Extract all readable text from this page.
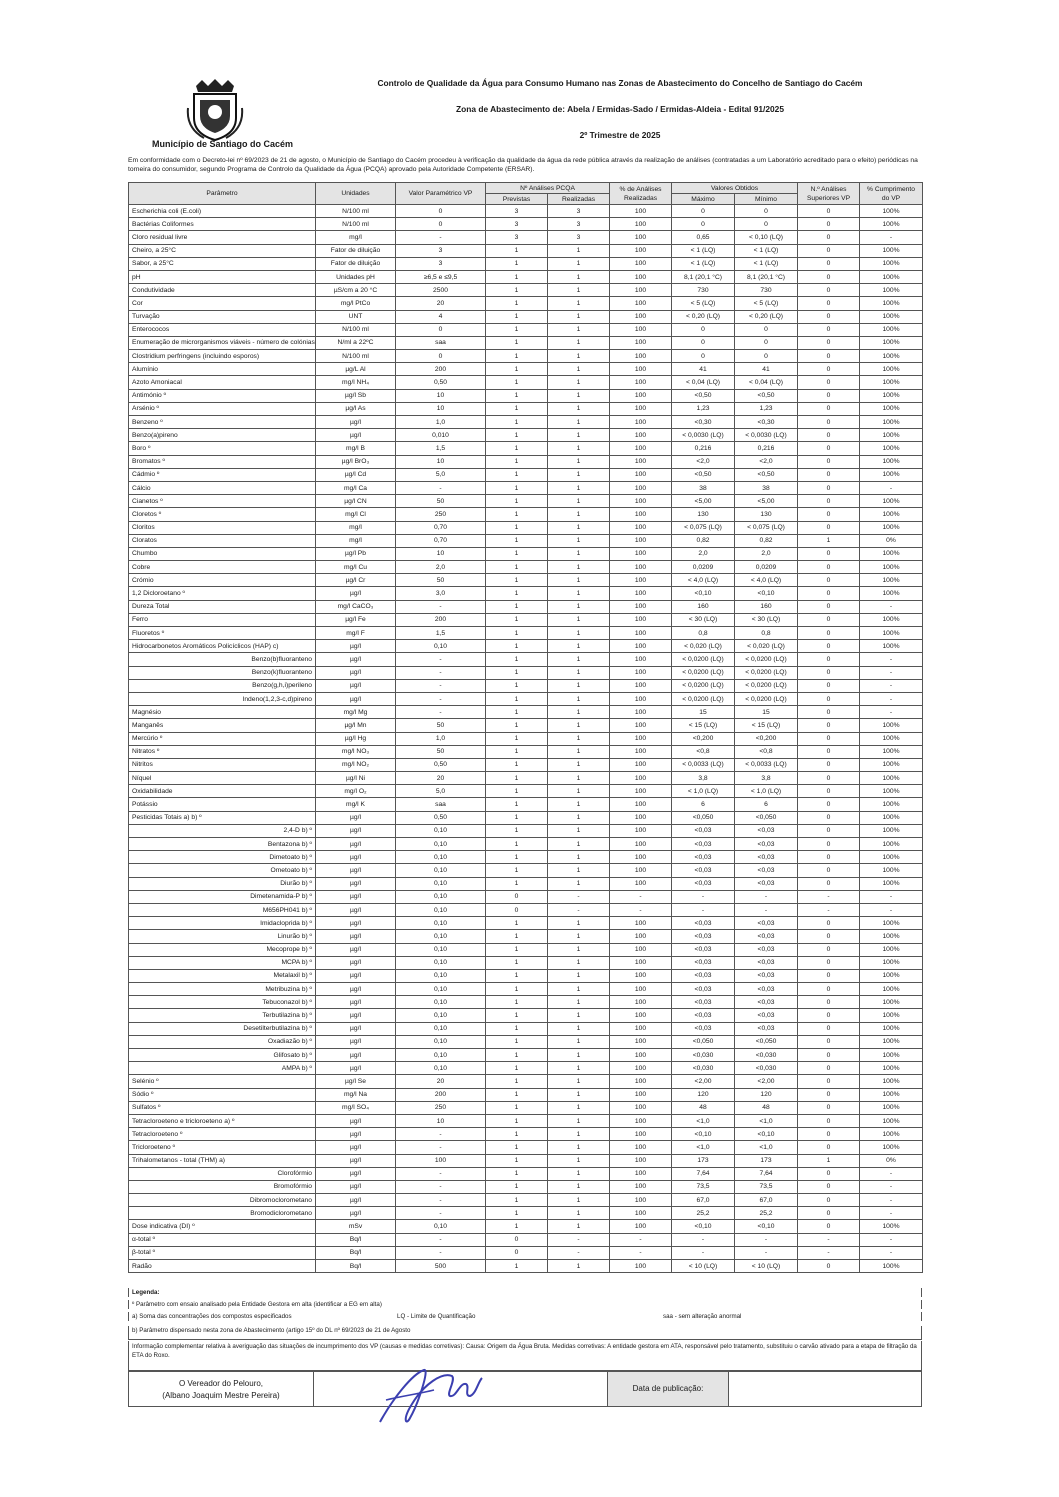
Município de Santiago do Cacém
Controlo de Qualidade da Água para Consumo Humano nas Zonas de Abastecimento do Concelho de Santiago do Cacém
Zona de Abastecimento de: Abela / Ermidas-Sado / Ermidas-Aldeia - Edital 91/2025
2º Trimestre de 2025
Em conformidade com o Decreto-lei nº 69/2023 de 21 de agosto, o Município de Santiago do Cacém procedeu à verificação da qualidade da água da rede pública através da realização de análises (contratadas a um Laboratório acreditado para o efeito) periódicas na torneira do consumidor, segundo Programa de Controlo da Qualidade da Água (PCQA) aprovado pela Autoridade Competente (ERSAR).
Parâmetro	Unidades	Valor Paramétrico VP	Nº Análises PCQA		% de Análises Realizadas	Valores Obtidos		N.º Análises Superiores VP	% Cumprimento do VP
			Previstas	Realizadas		Máximo	Mínimo		
Escherichia coli (E.coli)	N/100 ml	0	3	3	100	0	0	0	100%
Bactérias Coliformes	N/100 ml	0	3	3	100	0	0	0	100%
Cloro residual livre	mg/l	-	3	3	100	0,65	< 0,10 (LQ)	0	-
Cheiro, a 25°C	Fator de diluição	3	1	1	100	< 1 (LQ)	< 1 (LQ)	0	100%
Sabor, a 25°C	Fator de diluição	3	1	1	100	< 1 (LQ)	< 1 (LQ)	0	100%
pH	Unidades pH	≥6,5 e ≤9,5	1	1	100	8,1 (20,1 °C)	8,1 (20,1 °C)	0	100%
Condutividade	µS/cm a 20 °C	2500	1	1	100	730	730	0	100%
Cor	mg/l PtCo	20	1	1	100	< 5 (LQ)	< 5 (LQ)	0	100%
Turvação	UNT	4	1	1	100	< 0,20 (LQ)	< 0,20 (LQ)	0	100%
Enterococos	N/100 ml	0	1	1	100	0	0	0	100%
Enumeração de microrganismos viáveis - número de colónias	N/ml a 22ºC	saa	1	1	100	0	0	0	100%
Clostridium perfringens (incluindo esporos)	N/100 ml	0	1	1	100	0	0	0	100%
Alumínio	µg/L Al	200	1	1	100	41	41	0	100%
Azoto Amoniacal	mg/l NH₄	0,50	1	1	100	< 0,04 (LQ)	< 0,04 (LQ)	0	100%
Antimónio º	µg/l Sb	10	1	1	100	<0,50	<0,50	0	100%
Arsénio º	µg/l As	10	1	1	100	1,23	1,23	0	100%
Benzeno º	µg/l	1,0	1	1	100	<0,30	<0,30	0	100%
Benzo(a)pireno	µg/l	0,010	1	1	100	< 0,0030 (LQ)	< 0,0030 (LQ)	0	100%
Boro º	mg/l B	1,5	1	1	100	0,216	0,216	0	100%
Bromatos º	µg/l BrO₃	10	1	1	100	<2,0	<2,0	0	100%
Cádmio º	µg/l Cd	5,0	1	1	100	<0,50	<0,50	0	100%
Cálcio	mg/l Ca	-	1	1	100	38	38	0	-
Cianetos º	µg/l CN	50	1	1	100	<5,00	<5,00	0	100%
Cloretos º	mg/l Cl	250	1	1	100	130	130	0	100%
Cloritos	mg/l	0,70	1	1	100	< 0,075 (LQ)	< 0,075 (LQ)	0	100%
Cloratos	mg/l	0,70	1	1	100	0,82	0,82	1	0%
Chumbo	µg/l Pb	10	1	1	100	2,0	2,0	0	100%
Cobre	mg/l Cu	2,0	1	1	100	0,0209	0,0209	0	100%
Crómio	µg/l Cr	50	1	1	100	< 4,0 (LQ)	< 4,0 (LQ)	0	100%
1,2 Dicloroetano º	µg/l	3,0	1	1	100	<0,10	<0,10	0	100%
Dureza Total	mg/l CaCO₃	-	1	1	100	160	160	0	-
Ferro	µg/l Fe	200	1	1	100	< 30 (LQ)	< 30 (LQ)	0	100%
Fluoretos º	mg/l F	1,5	1	1	100	0,8	0,8	0	100%
Hidrocarbonetos Aromáticos Policíclicos (HAP) c)	µg/l	0,10	1	1	100	< 0,020 (LQ)	< 0,020 (LQ)	0	100%
Benzo(b)fluoranteno	µg/l	-	1	1	100	< 0,0200 (LQ)	< 0,0200 (LQ)	0	-
Benzo(k)fluoranteno	µg/l	-	1	1	100	< 0,0200 (LQ)	< 0,0200 (LQ)	0	-
Benzo(g,h,i)perileno	µg/l	-	1	1	100	< 0,0200 (LQ)	< 0,0200 (LQ)	0	-
Indeno(1,2,3-c,d)pireno	µg/l	-	1	1	100	< 0,0200 (LQ)	< 0,0200 (LQ)	0	-
Magnésio	mg/l Mg	-	1	1	100	15	15	0	-
Manganês	µg/l Mn	50	1	1	100	< 15 (LQ)	< 15 (LQ)	0	100%
Mercúrio º	µg/l Hg	1,0	1	1	100	<0,200	<0,200	0	100%
Nitratos º	mg/l NO₃	50	1	1	100	<0,8	<0,8	0	100%
Nitritos	mg/l NO₂	0,50	1	1	100	< 0,0033 (LQ)	< 0,0033 (LQ)	0	100%
Níquel	µg/l Ni	20	1	1	100	3,8	3,8	0	100%
Oxidabilidade	mg/l O₂	5,0	1	1	100	< 1,0 (LQ)	< 1,0 (LQ)	0	100%
Potássio	mg/l K	saa	1	1	100	6	6	0	100%
Pesticidas Totais a) b) º	µg/l	0,50	1	1	100	<0,050	<0,050	0	100%
2,4-D b) º	µg/l	0,10	1	1	100	<0,03	<0,03	0	100%
Bentazona b) º	µg/l	0,10	1	1	100	<0,03	<0,03	0	100%
Dimetoato b) º	µg/l	0,10	1	1	100	<0,03	<0,03	0	100%
Ometoato b) º	µg/l	0,10	1	1	100	<0,03	<0,03	0	100%
Diurão b) º	µg/l	0,10	1	1	100	<0,03	<0,03	0	100%
Dimetenamida-P b) º	µg/l	0,10	0	-	-	-	-	-	-
M656PH041 b) º	µg/l	0,10	0	-	-	-	-	-	-
Imidacloprida b) º	µg/l	0,10	1	1	100	<0,03	<0,03	0	100%
Linurão b) º	µg/l	0,10	1	1	100	<0,03	<0,03	0	100%
Mecoprope b) º	µg/l	0,10	1	1	100	<0,03	<0,03	0	100%
MCPA b) º	µg/l	0,10	1	1	100	<0,03	<0,03	0	100%
Metalaxil b) º	µg/l	0,10	1	1	100	<0,03	<0,03	0	100%
Metribuzina b) º	µg/l	0,10	1	1	100	<0,03	<0,03	0	100%
Tebuconazol b) º	µg/l	0,10	1	1	100	<0,03	<0,03	0	100%
Terbutilazina b) º	µg/l	0,10	1	1	100	<0,03	<0,03	0	100%
Desetilterbutilazina b) º	µg/l	0,10	1	1	100	<0,03	<0,03	0	100%
Oxadiazão b) º	µg/l	0,10	1	1	100	<0,050	<0,050	0	100%
Glifosato b) º	µg/l	0,10	1	1	100	<0,030	<0,030	0	100%
AMPA b) º	µg/l	0,10	1	1	100	<0,030	<0,030	0	100%
Selénio º	µg/l Se	20	1	1	100	<2,00	<2,00	0	100%
Sódio º	mg/l Na	200	1	1	100	120	120	0	100%
Sulfatos º	mg/l SO₄	250	1	1	100	48	48	0	100%
Tetracloroeteno e tricloroeteno a) º	µg/l	10	1	1	100	<1,0	<1,0	0	100%
Tetracloroeteno º	µg/l	-	1	1	100	<0,10	<0,10	0	100%
Tricloroeteno º	µg/l	-	1	1	100	<1,0	<1,0	0	100%
Trihalometanos - total (THM) a)	µg/l	100	1	1	100	173	173	1	0%
Clorofórmio	µg/l	-	1	1	100	7,64	7,64	0	-
Bromofórmio	µg/l	-	1	1	100	73,5	73,5	0	-
Dibromoclorometano	µg/l	-	1	1	100	67,0	67,0	0	-
Bromodiclorometano	µg/l	-	1	1	100	25,2	25,2	0	-
Dose indicativa (DI) º	mSv	0,10	1	1	100	<0,10	<0,10	0	100%
α-total º	Bq/l	-	0	-	-	-	-	-	-
β-total º	Bq/l	-	0	-	-	-	-	-	-
Radão	Bq/l	500	1	1	100	< 10 (LQ)	< 10 (LQ)	0	100%
Legenda:
º Parâmetro com ensaio analisado pela Entidade Gestora em alta (identificar a EG em alta)
a) Soma das concentrações dos compostos especificados	LQ - Limite de Quantificação	saa - sem alteração anormal
b) Parâmetro dispensado nesta zona de Abastecimento (artigo 15º do DL nº 69/2023 de 21 de Agosto
Informação complementar relativa à averiguação das situações de incumprimento dos VP (causas e medidas corretivas): Causa: Origem da Água Bruta. Medidas corretivas: A entidade gestora em ATA, responsável pelo tratamento, substituiu o carvão ativado para a etapa de filtração da ETA do Roxo.
O Vereador do Pelouro,
(Albano Joaquim Mestre Pereira)
Data de publicação:
